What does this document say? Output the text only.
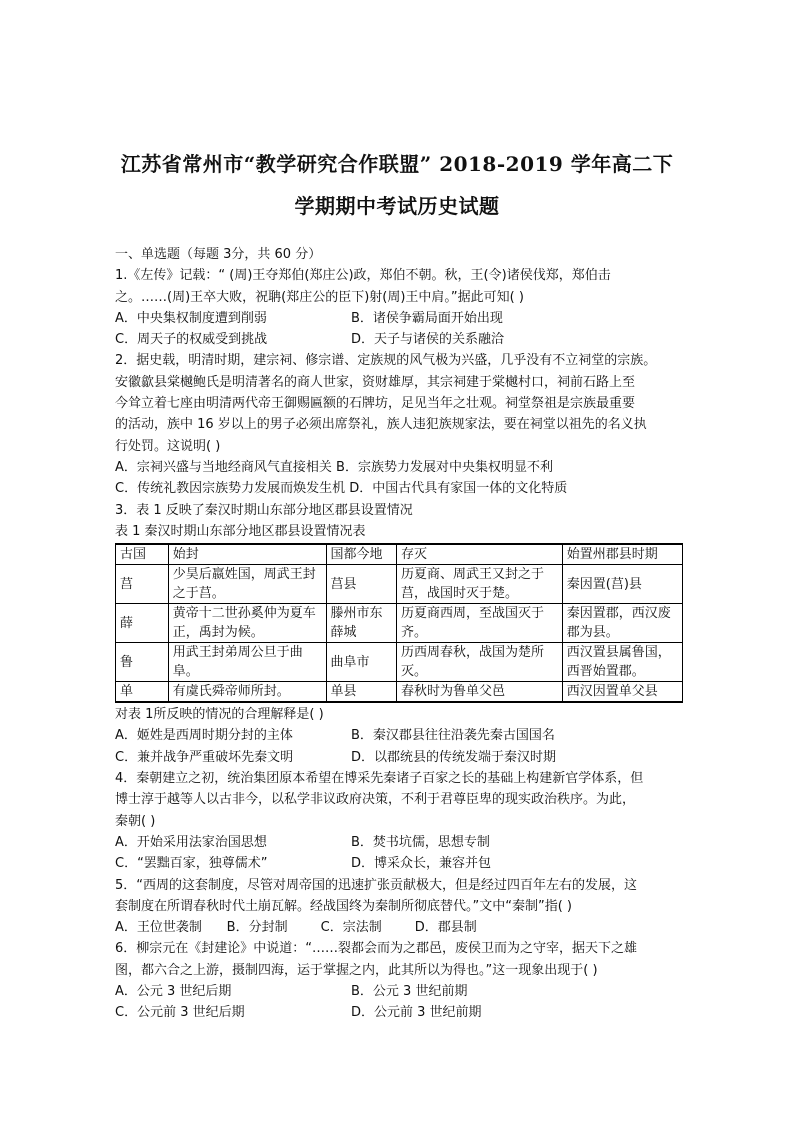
江苏省常州市“教学研究合作联盟” 2018-2019 学年高二下
学期期中考试历史试题
一、单选题（每题 3分，共 60 分）
1.《左传》记载：“ (周)王夺郑伯(郑庄公)政，郑伯不朝。秋，王(令)诸侯伐郑，郑伯击
之。……(周)王卒大败，祝聃(郑庄公的臣下)射(周)王中肩。”据此可知( )
A．中央集权制度遭到削弱	B．诸侯争霸局面开始出现
C．周天子的权威受到挑战	D．天子与诸侯的关系融洽
2．据史载，明清时期，建宗祠、修宗谱、定族规的风气极为兴盛，几乎没有不立祠堂的宗族。
安徽歙县棠樾鲍氏是明清著名的商人世家，资财雄厚，其宗祠建于棠樾村口，祠前石路上至
今耸立着七座由明清两代帝王御赐匾额的石牌坊，足见当年之壮观。祠堂祭祖是宗族最重要
的活动，族中 16 岁以上的男子必须出席祭礼，族人违犯族规家法，要在祠堂以祖先的名义执
行处罚。这说明( )
A．宗祠兴盛与当地经商风气直接相关 B．宗族势力发展对中央集权明显不利
C．传统礼教因宗族势力发展而焕发生机 D．中国古代具有家国一体的文化特质
3．表 1 反映了秦汉时期山东部分地区郡县设置情况
表 1 秦汉时期山东部分地区郡县设置情况表
古国	始封	国都今地	存灭	始置州郡县时期
莒	少昊后嬴姓国，周武王封之于莒。	莒县	历夏商、周武王又封之于莒，战国时灭于楚。	秦因置(莒)县
薛	黄帝十二世孙奚仲为夏车正，禹封为候。	滕州市东薛城	历夏商西周，至战国灭于齐。	秦因置郡，西汉废郡为县。
鲁	用武王封弟周公旦于曲阜。	曲阜市	历西周春秋，战国为楚所灭。	西汉置县属鲁国，西晋始置郡。
单	有虞氏舜帝师所封。	单县	春秋时为鲁单父邑	西汉因置单父县
对表 1所反映的情况的合理解释是( )
A．姬姓是西周时期分封的主体	B．秦汉郡县往往沿袭先秦古国国名
C．兼并战争严重破坏先秦文明	D．以郡统县的传统发端于秦汉时期
4．秦朝建立之初，统治集团原本希望在博采先秦诸子百家之长的基础上构建新官学体系，但
博士淳于越等人以古非今，以私学非议政府决策，不利于君尊臣卑的现实政治秩序。为此，
秦朝( )
A．开始采用法家治国思想	B．焚书坑儒，思想专制
C．“罢黜百家，独尊儒术”	D．博采众长，兼容并包
5．“西周的这套制度，尽管对周帝国的迅速扩张贡献极大，但是经过四百年左右的发展，这
套制度在所谓春秋时代土崩瓦解。经战国终为秦制所彻底替代。”文中“秦制”指( )
A．王位世袭制      B．分封制        C．宗法制        D．郡县制
6．柳宗元在《封建论》中说道：“……裂都会而为之郡邑，废侯卫而为之守宰，据天下之雄
图，都六合之上游，摄制四海，运于掌握之内，此其所以为得也。”这一现象出现于( )
A．公元 3 世纪后期	B．公元 3 世纪前期
C．公元前 3 世纪后期	D．公元前 3 世纪前期
